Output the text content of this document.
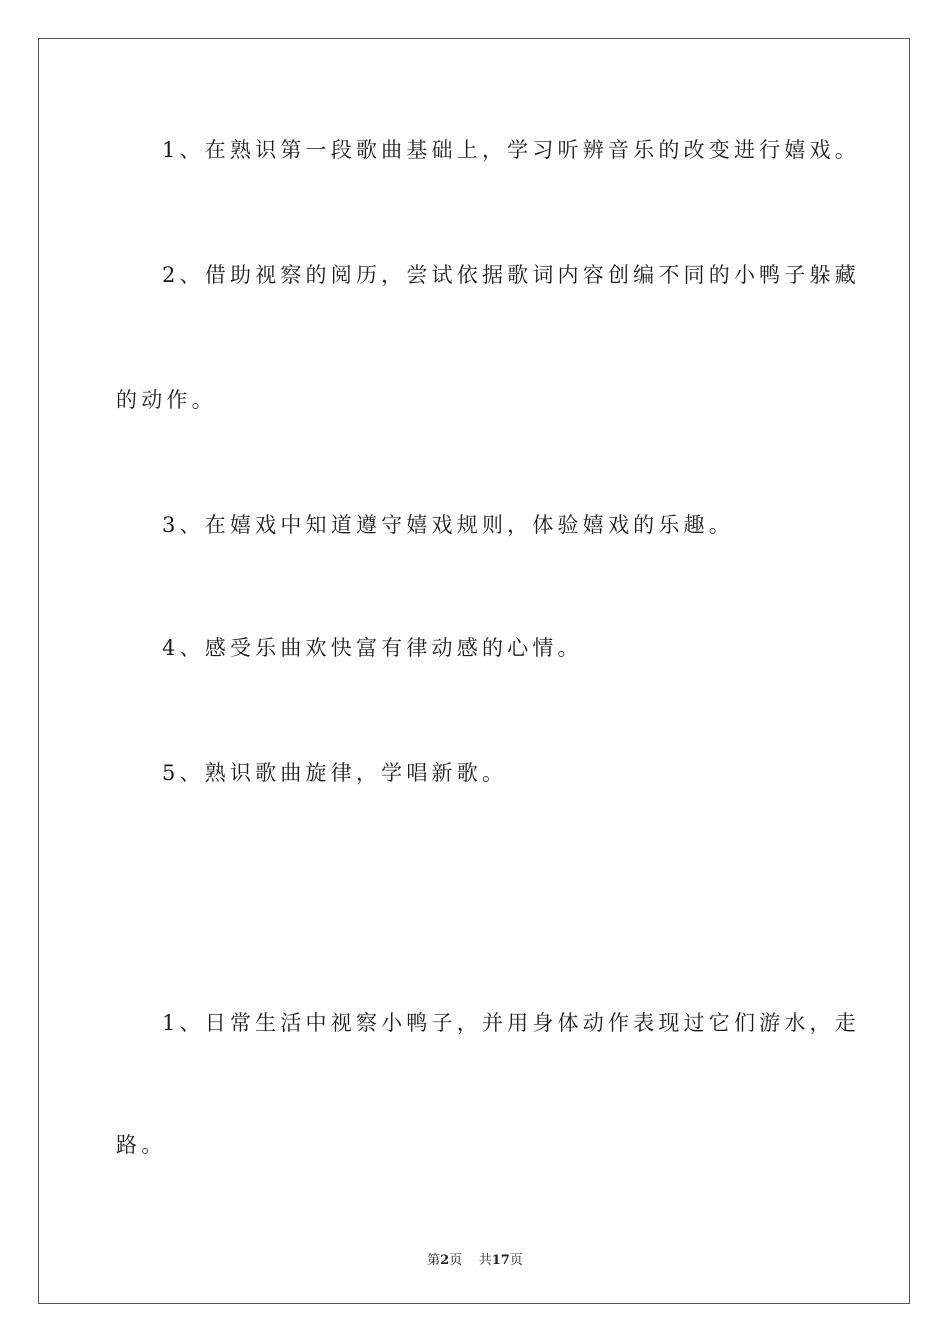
1、在熟识第一段歌曲基础上，学习听辨音乐的改变进行嬉戏。
2、借助视察的阅历，尝试依据歌词内容创编不同的小鸭子躲藏
的动作。
3、在嬉戏中知道遵守嬉戏规则，体验嬉戏的乐趣。
4、感受乐曲欢快富有律动感的心情。
5、熟识歌曲旋律，学唱新歌。
1、日常生活中视察小鸭子，并用身体动作表现过它们游水，走
路。
第2页    共17页
